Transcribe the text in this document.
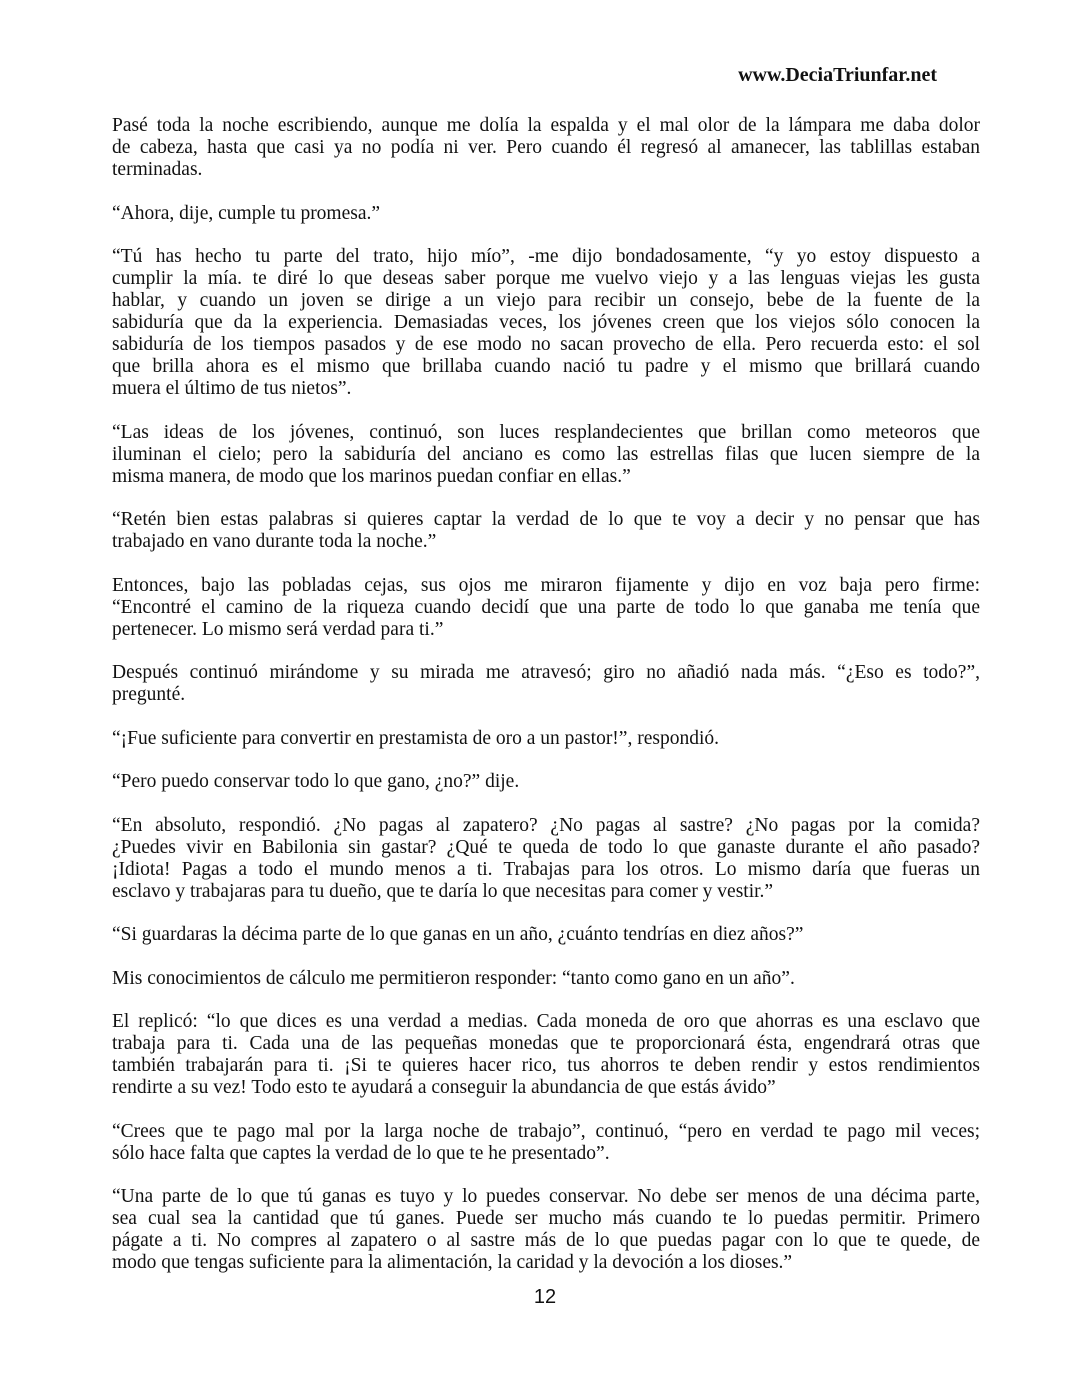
www.DeciaTriunfar.net
Pasé toda la noche escribiendo, aunque me dolía la espalda y el mal olor de la lámpara me daba dolor
de cabeza, hasta que casi ya no podía ni ver. Pero cuando él regresó al amanecer, las tablillas estaban
terminadas.
“Ahora, dije, cumple tu promesa.”
“Tú has hecho tu parte del trato, hijo mío”, -me dijo bondadosamente, “y yo estoy dispuesto a
cumplir la mía. te diré lo que deseas saber porque me vuelvo viejo y a las lenguas viejas les gusta
hablar, y cuando un joven se dirige a un viejo para recibir un consejo, bebe de la fuente de la
sabiduría que da la experiencia. Demasiadas veces, los jóvenes creen que los viejos sólo conocen la
sabiduría de los tiempos pasados y de ese modo no sacan provecho de ella. Pero recuerda esto: el sol
que brilla ahora es el mismo que brillaba cuando nació tu padre y el mismo que brillará cuando
muera el último de tus nietos”.
“Las ideas de los jóvenes, continuó, son luces resplandecientes que brillan como meteoros que
iluminan el cielo; pero la sabiduría del anciano es como las estrellas filas que lucen siempre de la
misma manera, de modo que los marinos puedan confiar en ellas.”
“Retén bien estas palabras si quieres captar la verdad de lo que te voy a decir y no pensar que has
trabajado en vano durante toda la noche.”
Entonces, bajo las pobladas cejas, sus ojos me miraron fijamente y dijo en voz baja pero firme:
“Encontré el camino de la riqueza cuando decidí que una parte de todo lo que ganaba me tenía que
pertenecer. Lo mismo será verdad para ti.”
Después continuó mirándome y su mirada me atravesó; giro no añadió nada más. “¿Eso es todo?”,
pregunté.
“¡Fue suficiente para convertir en prestamista de oro a un pastor!”, respondió.
“Pero puedo conservar todo lo que gano, ¿no?” dije.
“En absoluto, respondió. ¿No pagas al zapatero? ¿No pagas al sastre? ¿No pagas por la comida?
¿Puedes vivir en Babilonia sin gastar? ¿Qué te queda de todo lo que ganaste durante el año pasado?
¡Idiota! Pagas a todo el mundo menos a ti. Trabajas para los otros. Lo mismo daría que fueras un
esclavo y trabajaras para tu dueño, que te daría lo que necesitas para comer y vestir.”
“Si guardaras la décima parte de lo que ganas en un año, ¿cuánto tendrías en diez años?”
Mis conocimientos de cálculo me permitieron responder: “tanto como gano en un año”.
El replicó: “lo que dices es una verdad a medias. Cada moneda de oro que ahorras es una esclavo que
trabaja para ti. Cada una de las pequeñas monedas que te proporcionará ésta, engendrará otras que
también trabajarán para ti. ¡Si te quieres hacer rico, tus ahorros te deben rendir y estos rendimientos
rendirte a su vez! Todo esto te ayudará a conseguir la abundancia de que estás ávido”
“Crees que te pago mal por la larga noche de trabajo”, continuó, “pero en verdad te pago mil veces;
sólo hace falta que captes la verdad de lo que te he presentado”.
“Una parte de lo que tú ganas es tuyo y lo puedes conservar. No debe ser menos de una décima parte,
sea cual sea la cantidad que tú ganes. Puede ser mucho más cuando te lo puedas permitir. Primero
págate a ti. No compres al zapatero o al sastre más de lo que puedas pagar con lo que te quede, de
modo que tengas suficiente para la alimentación, la caridad y la devoción a los dioses.”
12
